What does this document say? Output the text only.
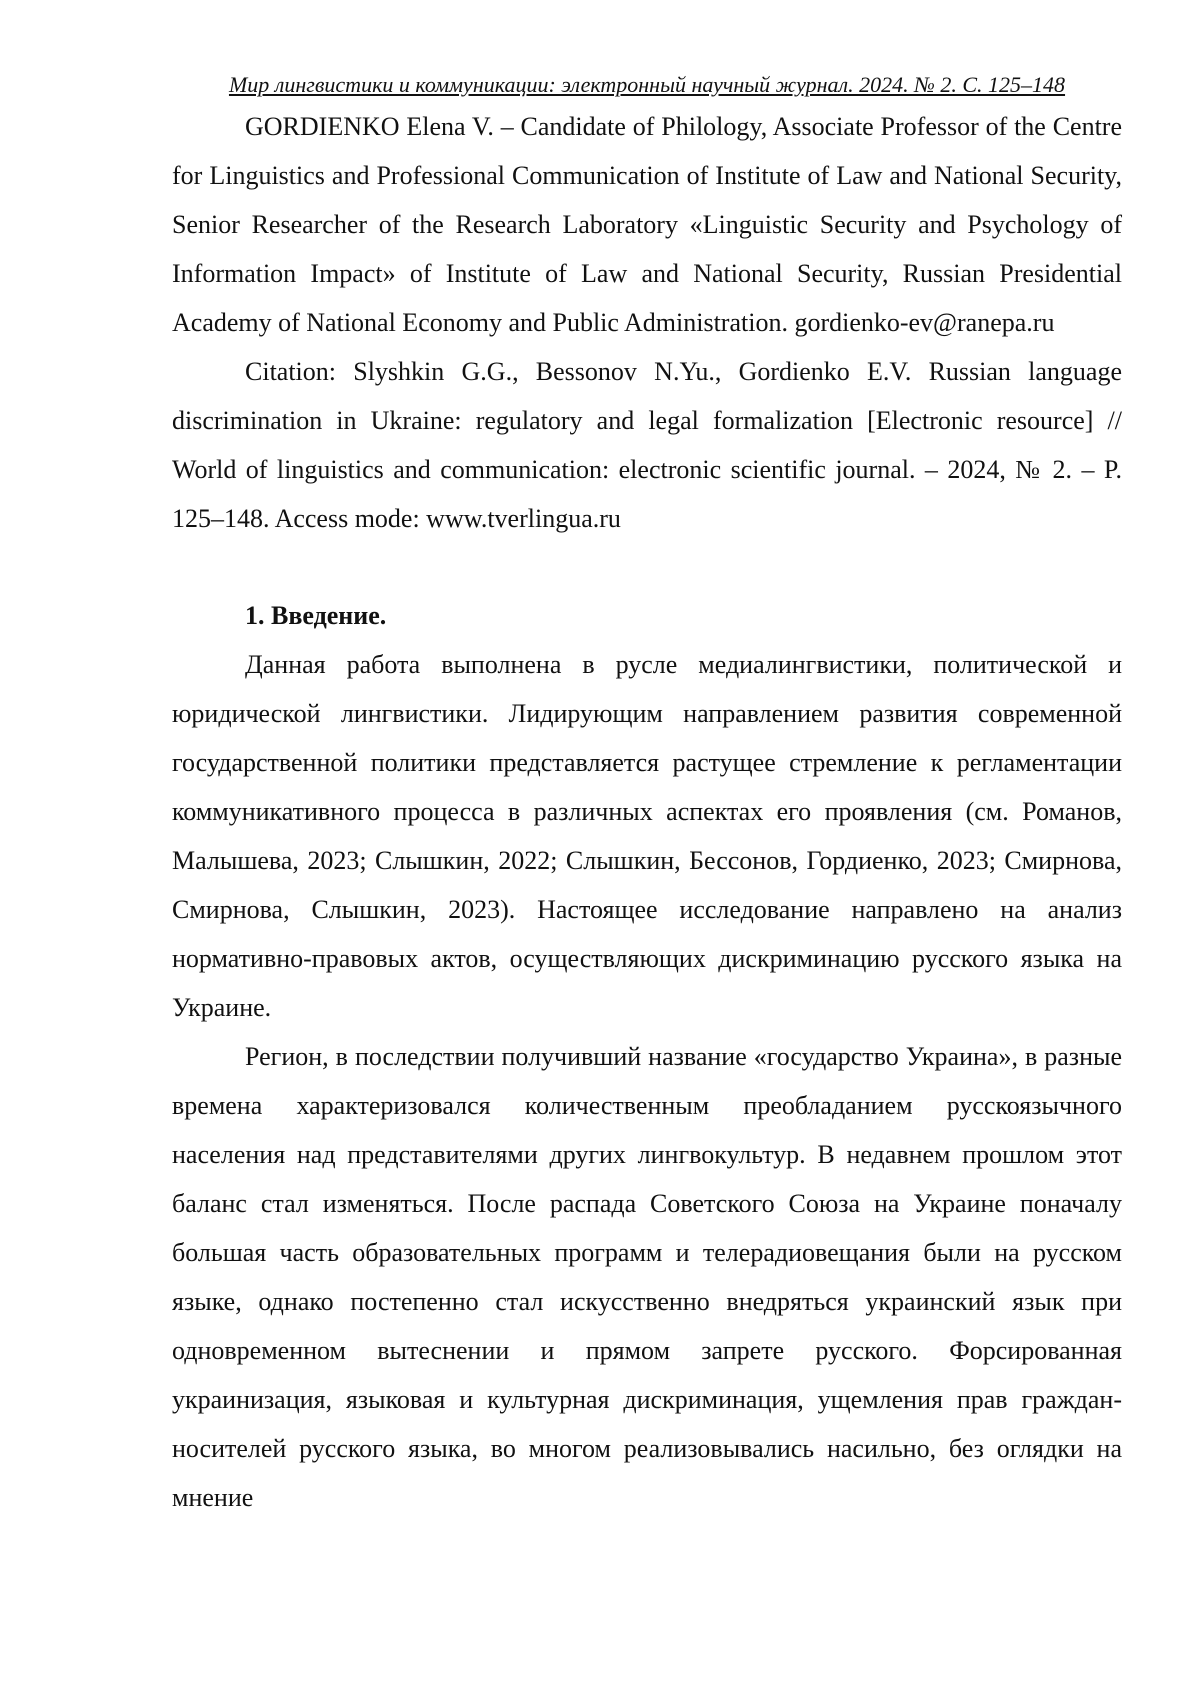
Мир лингвистики и коммуникации: электронный научный журнал. 2024. № 2. С. 125–148

GORDIENKO Elena V. – Candidate of Philology, Associate Professor of the Centre for Linguistics and Professional Communication of Institute of Law and National Security, Senior Researcher of the Research Laboratory «Linguistic Security and Psychology of Information Impact» of Institute of Law and National Security, Russian Presidential Academy of National Economy and Public Administration. gordienko-ev@ranepa.ru

Citation: Slyshkin G.G., Bessonov N.Yu., Gordienko E.V. Russian language discrimination in Ukraine: regulatory and legal formalization [Electronic resource] // World of linguistics and communication: electronic scientific journal. – 2024, № 2. – P. 125–148. Access mode: www.tverlingua.ru

1. Введение.

Данная работа выполнена в русле медиалингвистики, политической и юридической лингвистики. Лидирующим направлением развития современной государственной политики представляется растущее стремление к регламентации коммуникативного процесса в различных аспектах его проявления (см. Романов, Малышева, 2023; Слышкин, 2022; Слышкин, Бессонов, Гордиенко, 2023; Смирнова, Смирнова, Слышкин, 2023). Настоящее исследование направлено на анализ нормативно-правовых актов, осуществляющих дискриминацию русского языка на Украине.

Регион, в последствии получивший название «государство Украина», в разные времена характеризовался количественным преобладанием русскоязычного населения над представителями других лингвокультур. В недавнем прошлом этот баланс стал изменяться. После распада Советского Союза на Украине поначалу большая часть образовательных программ и телерадиовещания были на русском языке, однако постепенно стал искусственно внедряться украинский язык при одновременном вытеснении и прямом запрете русского. Форсированная украинизация, языковая и культурная дискриминация, ущемления прав граждан-носителей русского языка, во многом реализовывались насильно, без оглядки на мнение
